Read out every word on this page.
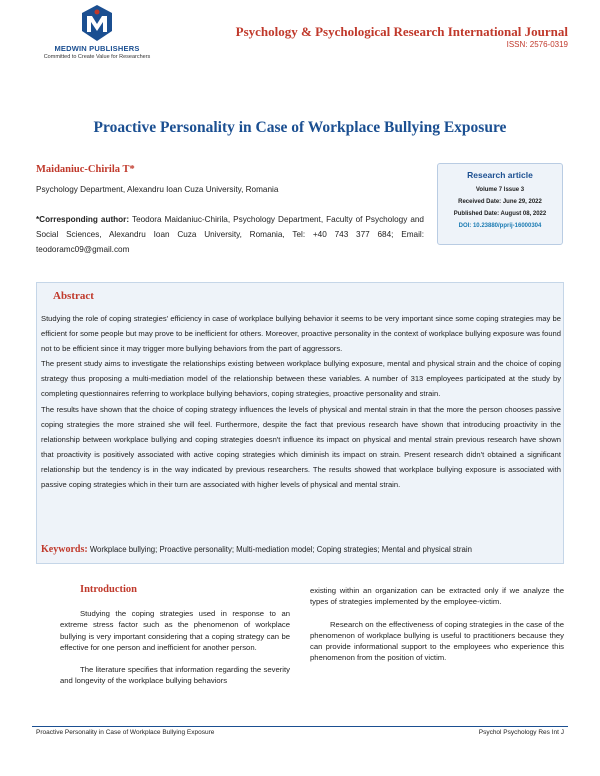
MEDWIN PUBLISHERS
Committed to Create Value for Researchers
Psychology & Psychological Research International Journal
ISSN: 2576-0319
Proactive Personality in Case of Workplace Bullying Exposure
Maidaniuc-Chirila T*
Psychology Department, Alexandru Ioan Cuza University, Romania
*Corresponding author: Teodora Maidaniuc-Chirila, Psychology Department, Faculty of Psychology and Social Sciences, Alexandru Ioan Cuza University, Romania, Tel: +40 743 377 684; Email: teodoramc09@gmail.com
Research article
Volume 7 Issue 3
Received Date: June 29, 2022
Published Date: August 08, 2022
DOI: 10.23880/pprij-16000304
Abstract

Studying the role of coping strategies' efficiency in case of workplace bullying behavior it seems to be very important since some coping strategies may be efficient for some people but may prove to be inefficient for others. Moreover, proactive personality in the context of workplace bullying exposure was found not to be efficient since it may trigger more bullying behaviors from the part of aggressors.

The present study aims to investigate the relationships existing between workplace bullying exposure, mental and physical strain and the choice of coping strategy thus proposing a multi-mediation model of the relationship between these variables. A number of 313 employees participated at the study by completing questionnaires referring to workplace bullying behaviors, coping strategies, proactive personality and strain.

The results have shown that the choice of coping strategy influences the levels of physical and mental strain in that the more the person chooses passive coping strategies the more strained she will feel. Furthermore, despite the fact that previous research have shown that introducing proactivity in the relationship between workplace bullying and coping strategies doesn't influence its impact on physical and mental strain previous research have shown that proactivity is positively associated with active coping strategies which diminish its impact on strain. Present research didn't obtained a significant relationship but the tendency is in the way indicated by previous researchers. The results showed that workplace bullying exposure is associated with passive coping strategies which in their turn are associated with higher levels of physical and mental strain.

Keywords: Workplace bullying; Proactive personality; Multi-mediation model; Coping strategies; Mental and physical strain
Introduction

Studying the coping strategies used in response to an extreme stress factor such as the phenomenon of workplace bullying is very important considering that a coping strategy can be effective for one person and inefficient for another person.

The literature specifies that information regarding the severity and longevity of the workplace bullying behaviors

existing within an organization can be extracted only if we analyze the types of strategies implemented by the employee-victim.

Research on the effectiveness of coping strategies in the case of the phenomenon of workplace bullying is useful to practitioners because they can provide informational support to the employees who experience this phenomenon from the position of victim.

Proactive Personality in Case of Workplace Bullying Exposure	Psychol Psychology Res Int J
